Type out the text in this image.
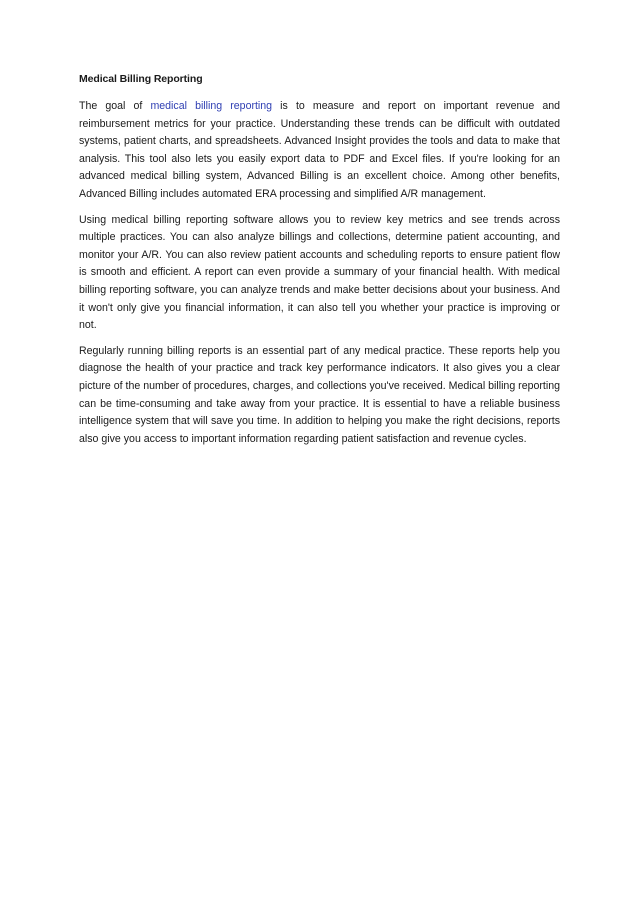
Medical Billing Reporting

The goal of medical billing reporting is to measure and report on important revenue and reimbursement metrics for your practice. Understanding these trends can be difficult with outdated systems, patient charts, and spreadsheets. Advanced Insight provides the tools and data to make that analysis. This tool also lets you easily export data to PDF and Excel files. If you're looking for an advanced medical billing system, Advanced Billing is an excellent choice. Among other benefits, Advanced Billing includes automated ERA processing and simplified A/R management.

Using medical billing reporting software allows you to review key metrics and see trends across multiple practices. You can also analyze billings and collections, determine patient accounting, and monitor your A/R. You can also review patient accounts and scheduling reports to ensure patient flow is smooth and efficient. A report can even provide a summary of your financial health. With medical billing reporting software, you can analyze trends and make better decisions about your business. And it won't only give you financial information, it can also tell you whether your practice is improving or not.

Regularly running billing reports is an essential part of any medical practice. These reports help you diagnose the health of your practice and track key performance indicators. It also gives you a clear picture of the number of procedures, charges, and collections you've received. Medical billing reporting can be time-consuming and take away from your practice. It is essential to have a reliable business intelligence system that will save you time. In addition to helping you make the right decisions, reports also give you access to important information regarding patient satisfaction and revenue cycles.
